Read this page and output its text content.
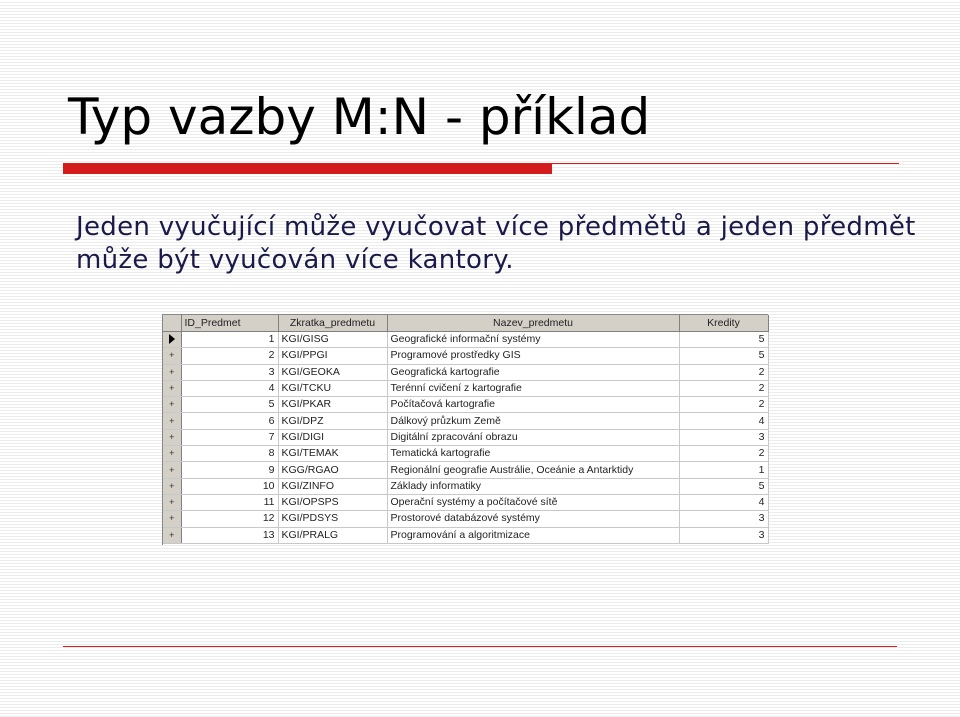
Typ vazby M:N - příklad

Jeden vyučující může vyučovat více předmětů a jeden předmět může být vyučován více kantory.

	ID_Predmet	Zkratka_predmetu	Nazev_predmetu	Kredity
	1	KGI/GISG	Geografické informační systémy	5
+	2	KGI/PPGI	Programové prostředky GIS	5
+	3	KGI/GEOKA	Geografická kartografie	2
+	4	KGI/TCKU	Terénní cvičení z kartografie	2
+	5	KGI/PKAR	Počítačová kartografie	2
+	6	KGI/DPZ	Dálkový průzkum Země	4
+	7	KGI/DIGI	Digitální zpracování obrazu	3
+	8	KGI/TEMAK	Tematická kartografie	2
+	9	KGG/RGAO	Regionální geografie Austrálie, Oceánie a Antarktidy	1
+	10	KGI/ZINFO	Základy informatiky	5
+	11	KGI/OPSPS	Operační systémy a počítačové sítě	4
+	12	KGI/PDSYS	Prostorové databázové systémy	3
+	13	KGI/PRALG	Programování a algoritmizace	3
